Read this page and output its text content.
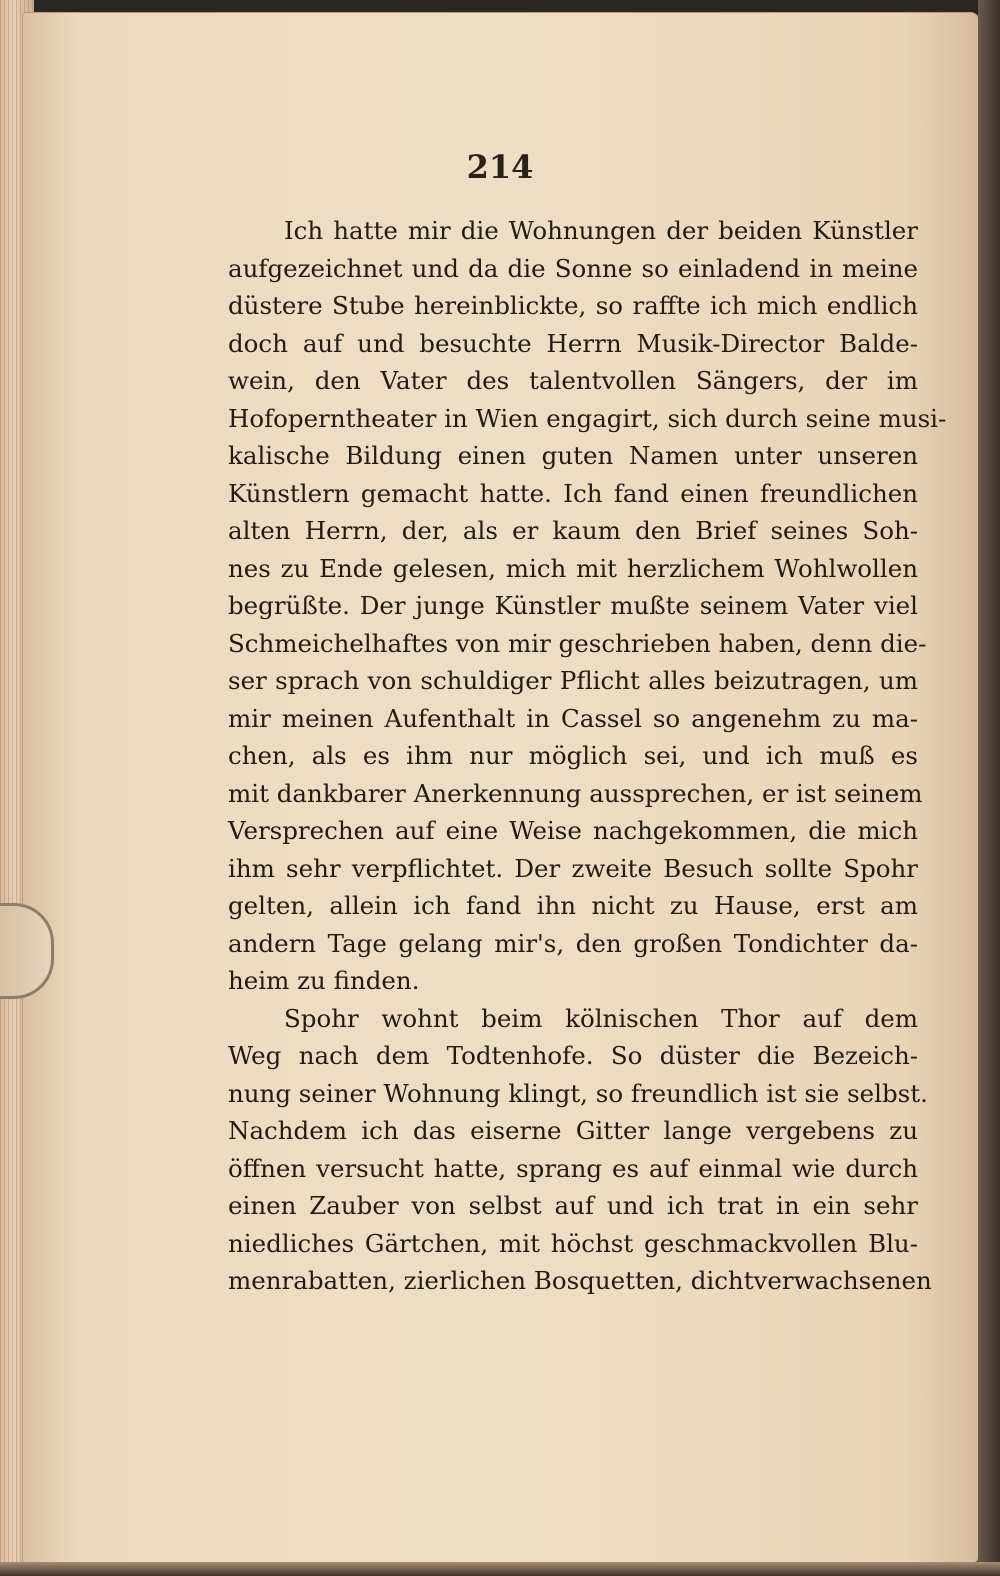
214
Ich hatte mir die Wohnungen der beiden Künstler
aufgezeichnet und da die Sonne so einladend in meine
düstere Stube hereinblickte, so raffte ich mich endlich
doch auf und besuchte Herrn Musik-Director Balde-
wein, den Vater des talentvollen Sängers, der im
Hofoperntheater in Wien engagirt, sich durch seine musi-
kalische Bildung einen guten Namen unter unseren
Künstlern gemacht hatte. Ich fand einen freundlichen
alten Herrn, der, als er kaum den Brief seines Soh-
nes zu Ende gelesen, mich mit herzlichem Wohlwollen
begrüßte. Der junge Künstler mußte seinem Vater viel
Schmeichelhaftes von mir geschrieben haben, denn die-
ser sprach von schuldiger Pflicht alles beizutragen, um
mir meinen Aufenthalt in Cassel so angenehm zu ma-
chen, als es ihm nur möglich sei, und ich muß es
mit dankbarer Anerkennung aussprechen, er ist seinem
Versprechen auf eine Weise nachgekommen, die mich
ihm sehr verpflichtet. Der zweite Besuch sollte Spohr
gelten, allein ich fand ihn nicht zu Hause, erst am
andern Tage gelang mir's, den großen Tondichter da-
heim zu finden.
Spohr wohnt beim kölnischen Thor auf dem
Weg nach dem Todtenhofe. So düster die Bezeich-
nung seiner Wohnung klingt, so freundlich ist sie selbst.
Nachdem ich das eiserne Gitter lange vergebens zu
öffnen versucht hatte, sprang es auf einmal wie durch
einen Zauber von selbst auf und ich trat in ein sehr
niedliches Gärtchen, mit höchst geschmackvollen Blu-
menrabatten, zierlichen Bosquetten, dichtverwachsenen
